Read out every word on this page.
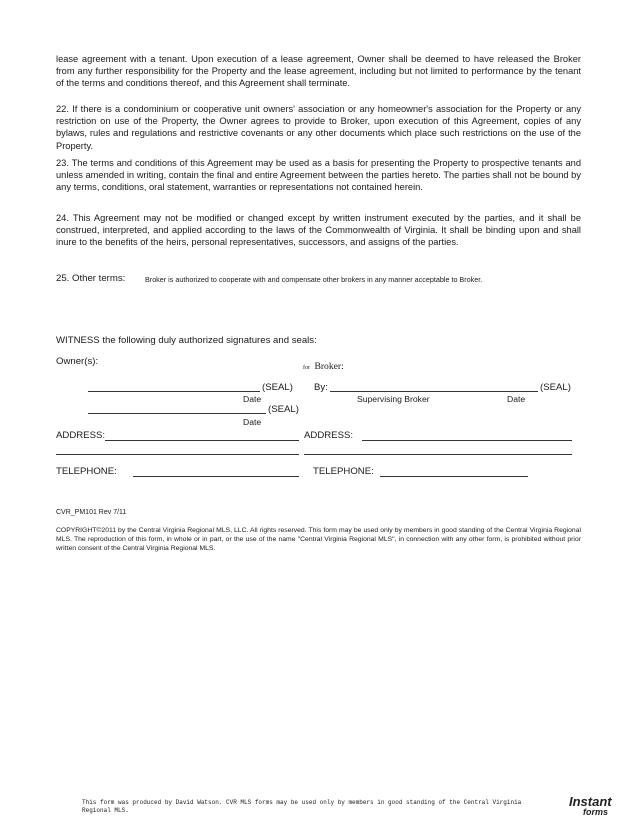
lease agreement with a tenant. Upon execution of a lease agreement, Owner shall be deemed to have released the Broker from any further responsibility for the Property and the lease agreement, including but not limited to performance by the tenant of the terms and conditions thereof, and this Agreement shall terminate.

22. If there is a condominium or cooperative unit owners' association or any homeowner's association for the Property or any restriction on use of the Property, the Owner agrees to provide to Broker, upon execution of this Agreement, copies of any bylaws, rules and regulations and restrictive covenants or any other documents which place such restrictions on the use of the Property.

23. The terms and conditions of this Agreement may be used as a basis for presenting the Property to prospective tenants and unless amended in writing, contain the final and entire Agreement between the parties hereto. The parties shall not be bound by any terms, conditions, oral statement, warranties or representations not contained herein.

24. This Agreement may not be modified or changed except by written instrument executed by the parties, and it shall be construed, interpreted, and applied according to the laws of the Commonwealth of Virginia. It shall be binding upon and shall inure to the benefits of the heirs, personal representatives, successors, and assigns of the parties.

25. Other terms:	Broker is authorized to cooperate with and compensate other brokers in any manner acceptable to Broker.
WITNESS the following duly authorized signatures and seals:
Owner(s):
for Broker:
(SEAL)
Date
By:	(SEAL)
Supervising Broker	Date
(SEAL)
Date
ADDRESS:	ADDRESS:
TELEPHONE:	TELEPHONE:
CVR_PM101 Rev 7/11

COPYRIGHT©2011 by the Central Virginia Regional MLS, LLC. All rights reserved. This form may be used only by members in good standing of the Central Virginia Regional MLS. The reproduction of this form, in whole or in part, or the use of the name "Central Virginia Regional MLS", in connection with any other form, is prohibited without prior written consent of the Central Virginia Regional MLS.

This form was produced by David Watson. CVR MLS forms may be used only by members in good standing of the Central Virginia Regional MLS.
Instant
forms
